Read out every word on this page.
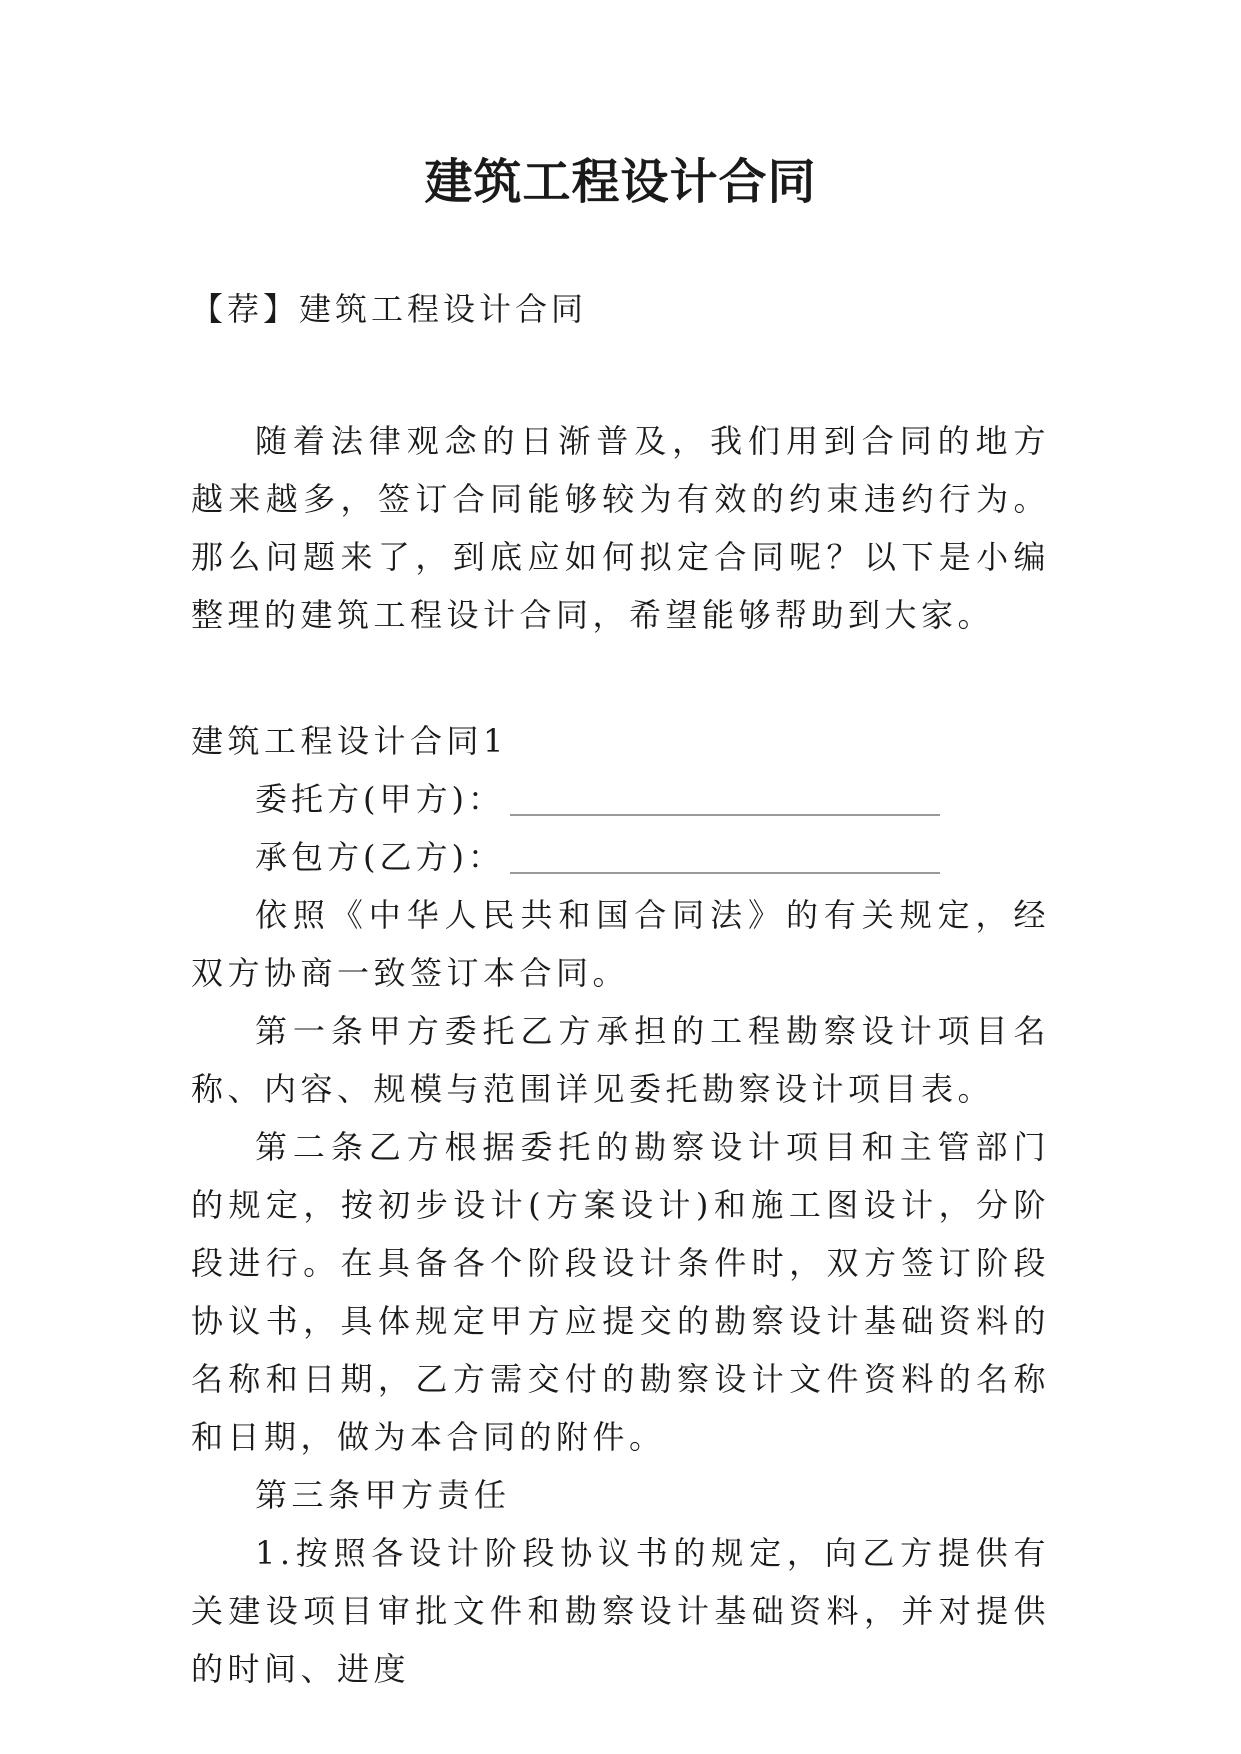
建筑工程设计合同

【荐】建筑工程设计合同

随着法律观念的日渐普及，我们用到合同的地方越来越多，签订合同能够较为有效的约束违约行为。那么问题来了，到底应如何拟定合同呢？以下是小编整理的建筑工程设计合同，希望能够帮助到大家。

建筑工程设计合同1

委托方(甲方)：

承包方(乙方)：

依照《中华人民共和国合同法》的有关规定，经双方协商一致签订本合同。

第一条甲方委托乙方承担的工程勘察设计项目名称、内容、规模与范围详见委托勘察设计项目表。

第二条乙方根据委托的勘察设计项目和主管部门的规定，按初步设计(方案设计)和施工图设计，分阶段进行。在具备各个阶段设计条件时，双方签订阶段协议书，具体规定甲方应提交的勘察设计基础资料的名称和日期，乙方需交付的勘察设计文件资料的名称和日期，做为本合同的附件。

第三条甲方责任

1.按照各设计阶段协议书的规定，向乙方提供有关建设项目审批文件和勘察设计基础资料，并对提供的时间、进度
